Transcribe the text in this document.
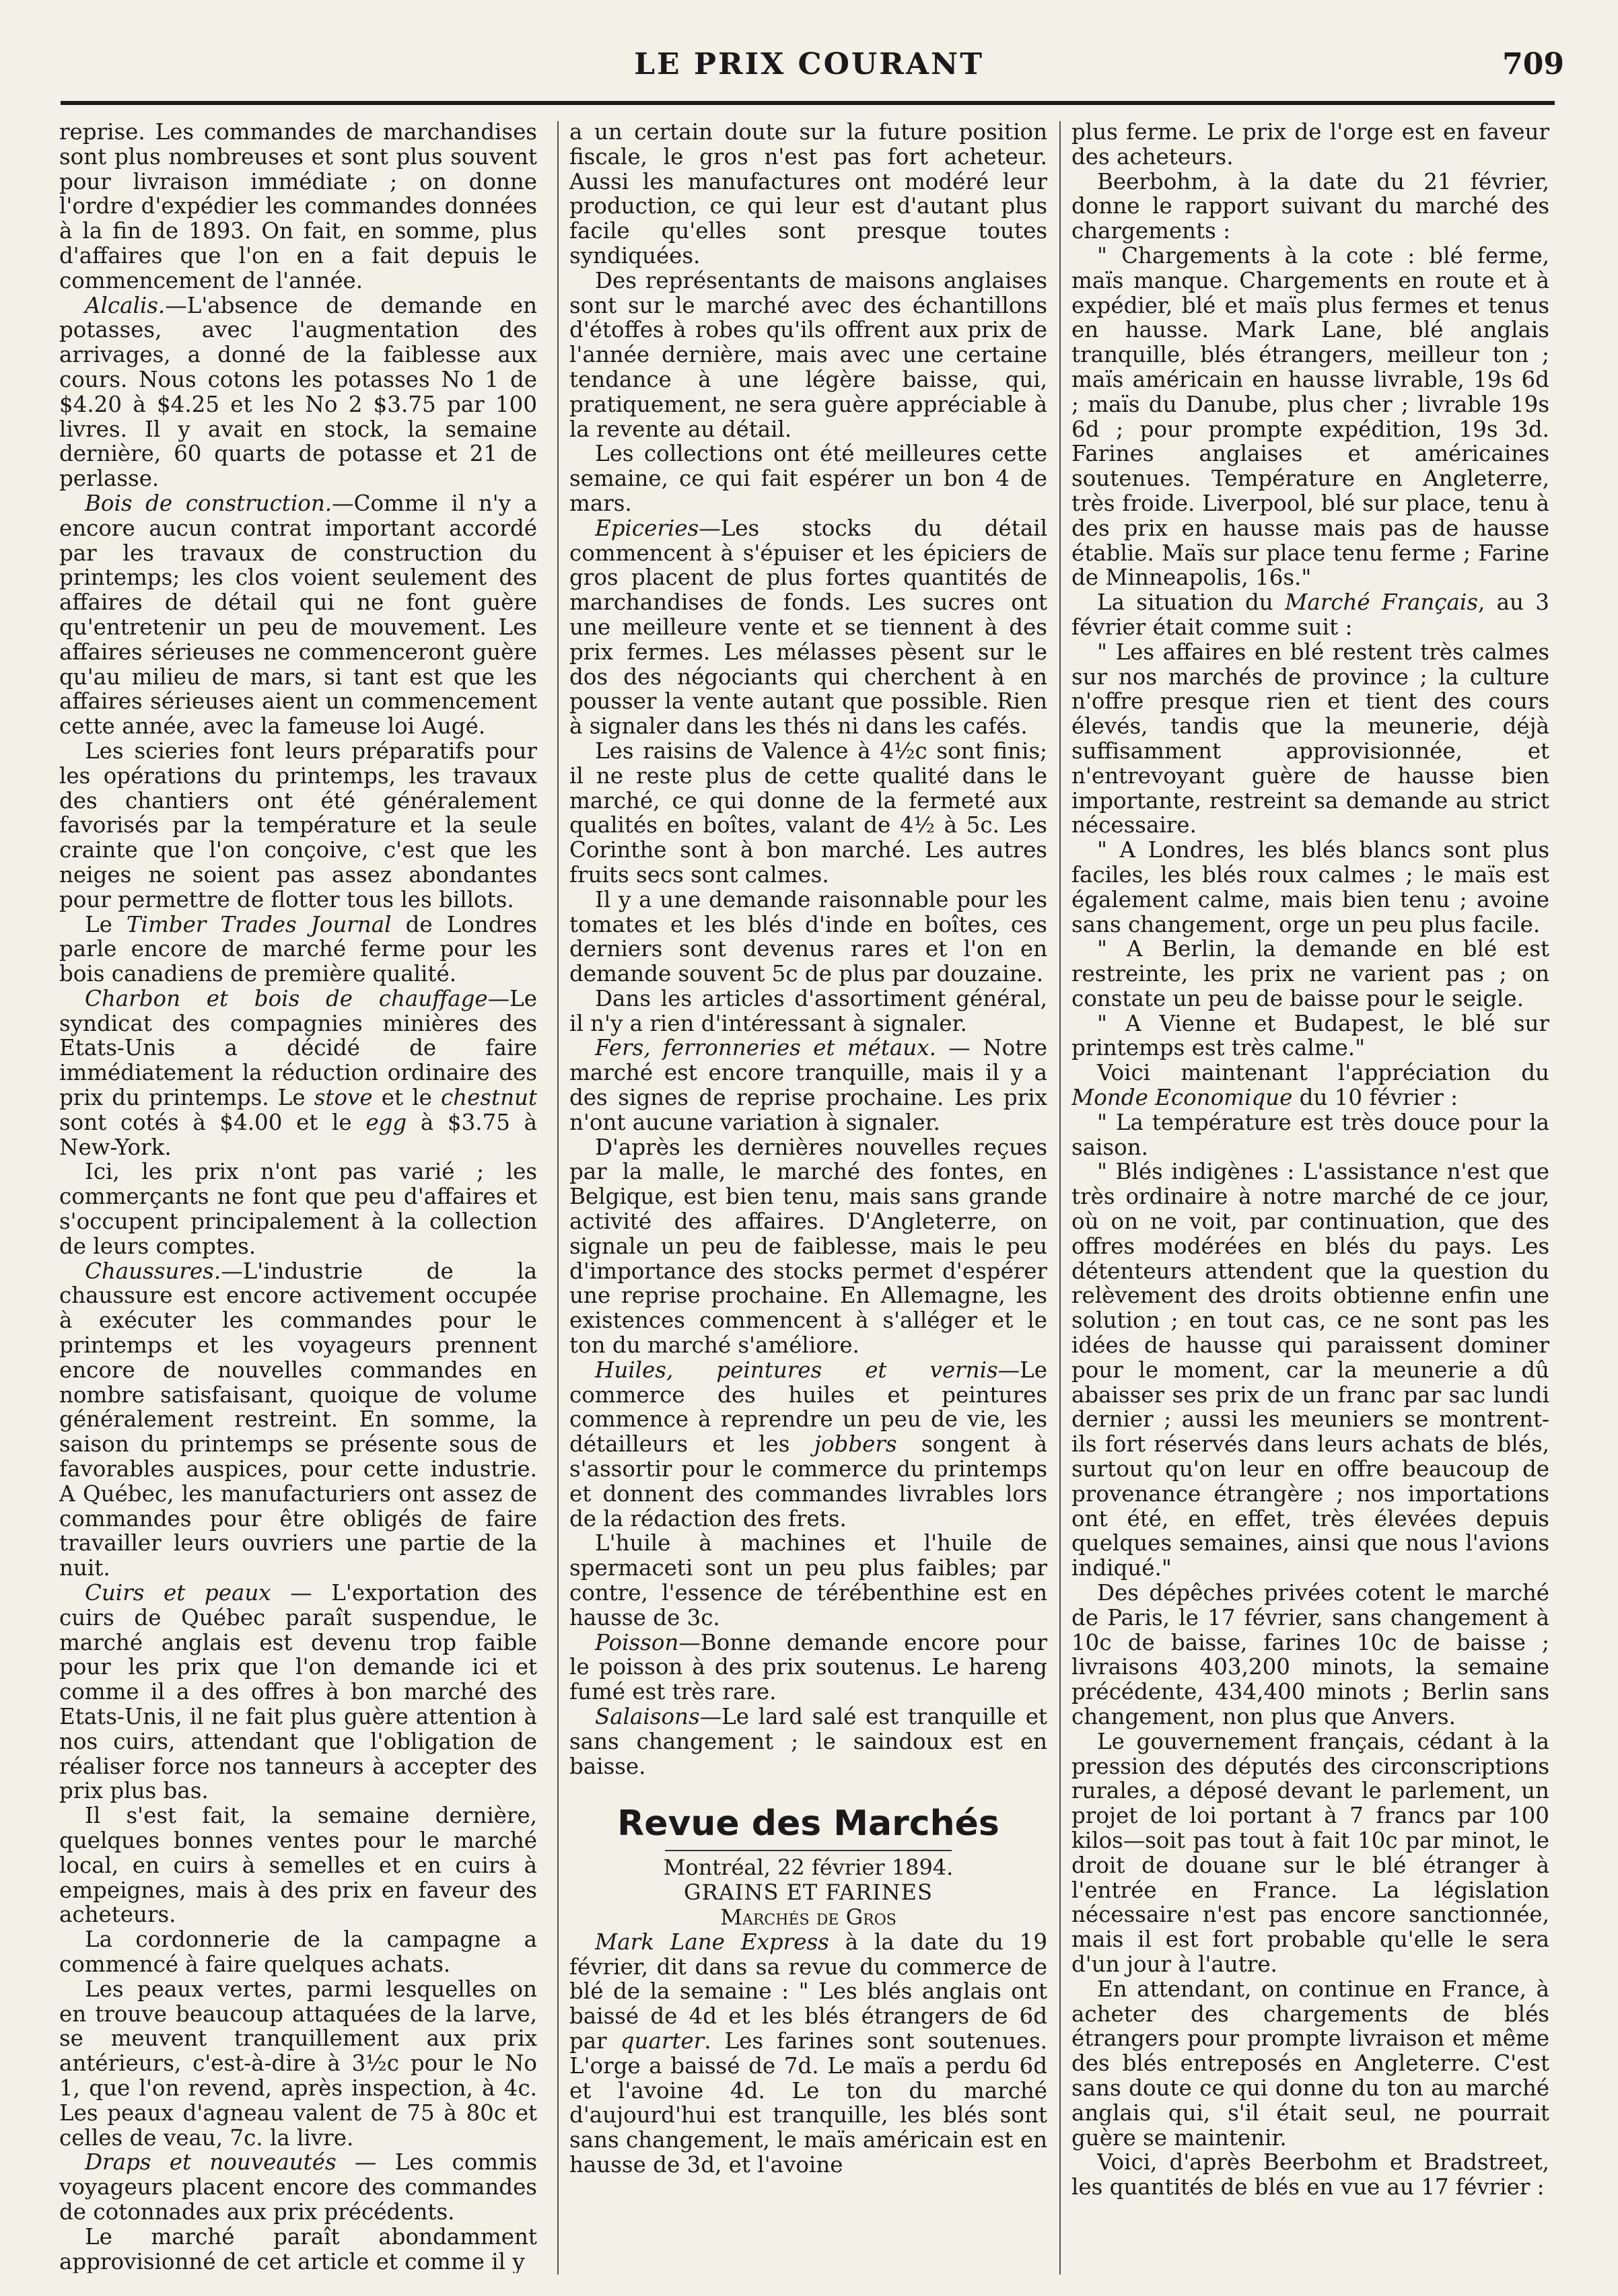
LE PRIX COURANT	709

reprise. Les commandes de marchandises sont plus nombreuses et sont plus souvent pour livraison immédiate ; on donne l'ordre d'expédier les commandes données à la fin de 1893. On fait, en somme, plus d'affaires que l'on en a fait depuis le commencement de l'année.

Alcalis.—L'absence de demande en potasses, avec l'augmentation des arrivages, a donné de la faiblesse aux cours. Nous cotons les potasses No 1 de $4.20 à $4.25 et les No 2 $3.75 par 100 livres. Il y avait en stock, la semaine dernière, 60 quarts de potasse et 21 de perlasse.

Bois de construction.—Comme il n'y a encore aucun contrat important accordé par les travaux de construction du printemps; les clos voient seulement des affaires de détail qui ne font guère qu'entretenir un peu de mouvement. Les affaires sérieuses ne commenceront guère qu'au milieu de mars, si tant est que les affaires sérieuses aient un commencement cette année, avec la fameuse loi Augé.

Les scieries font leurs préparatifs pour les opérations du printemps, les travaux des chantiers ont été généralement favorisés par la température et la seule crainte que l'on conçoive, c'est que les neiges ne soient pas assez abondantes pour permettre de flotter tous les billots.

Le Timber Trades Journal de Londres parle encore de marché ferme pour les bois canadiens de première qualité.

Charbon et bois de chauffage—Le syndicat des compagnies minières des Etats-Unis a décidé de faire immédiatement la réduction ordinaire des prix du printemps. Le stove et le chestnut sont cotés à $4.00 et le egg à $3.75 à New-York.

Ici, les prix n'ont pas varié ; les commerçants ne font que peu d'affaires et s'occupent principalement à la collection de leurs comptes.

Chaussures.—L'industrie de la chaussure est encore activement occupée à exécuter les commandes pour le printemps et les voyageurs prennent encore de nouvelles commandes en nombre satisfaisant, quoique de volume généralement restreint. En somme, la saison du printemps se présente sous de favorables auspices, pour cette industrie. A Québec, les manufacturiers ont assez de commandes pour être obligés de faire travailler leurs ouvriers une partie de la nuit.

Cuirs et peaux — L'exportation des cuirs de Québec paraît suspendue, le marché anglais est devenu trop faible pour les prix que l'on demande ici et comme il a des offres à bon marché des Etats-Unis, il ne fait plus guère attention à nos cuirs, attendant que l'obligation de réaliser force nos tanneurs à accepter des prix plus bas.

Il s'est fait, la semaine dernière, quelques bonnes ventes pour le marché local, en cuirs à semelles et en cuirs à empeignes, mais à des prix en faveur des acheteurs.

La cordonnerie de la campagne a commencé à faire quelques achats.

Les peaux vertes, parmi lesquelles on en trouve beaucoup attaquées de la larve, se meuvent tranquillement aux prix antérieurs, c'est-à-dire à 3½c pour le No 1, que l'on revend, après inspection, à 4c. Les peaux d'agneau valent de 75 à 80c et celles de veau, 7c. la livre.

Draps et nouveautés — Les commis voyageurs placent encore des commandes de cotonnades aux prix précédents.

Le marché paraît abondamment approvisionné de cet article et comme il y

a un certain doute sur la future position fiscale, le gros n'est pas fort acheteur. Aussi les manufactures ont modéré leur production, ce qui leur est d'autant plus facile qu'elles sont presque toutes syndiquées.

Des représentants de maisons anglaises sont sur le marché avec des échantillons d'étoffes à robes qu'ils offrent aux prix de l'année dernière, mais avec une certaine tendance à une légère baisse, qui, pratiquement, ne sera guère appréciable à la revente au détail.

Les collections ont été meilleures cette semaine, ce qui fait espérer un bon 4 de mars.

Epiceries—Les stocks du détail commencent à s'épuiser et les épiciers de gros placent de plus fortes quantités de marchandises de fonds. Les sucres ont une meilleure vente et se tiennent à des prix fermes. Les mélasses pèsent sur le dos des négociants qui cherchent à en pousser la vente autant que possible. Rien à signaler dans les thés ni dans les cafés.

Les raisins de Valence à 4½c sont finis; il ne reste plus de cette qualité dans le marché, ce qui donne de la fermeté aux qualités en boîtes, valant de 4½ à 5c. Les Corinthe sont à bon marché. Les autres fruits secs sont calmes.

Il y a une demande raisonnable pour les tomates et les blés d'inde en boîtes, ces derniers sont devenus rares et l'on en demande souvent 5c de plus par douzaine.

Dans les articles d'assortiment général, il n'y a rien d'intéressant à signaler.

Fers, ferronneries et métaux. — Notre marché est encore tranquille, mais il y a des signes de reprise prochaine. Les prix n'ont aucune variation à signaler.

D'après les dernières nouvelles reçues par la malle, le marché des fontes, en Belgique, est bien tenu, mais sans grande activité des affaires. D'Angleterre, on signale un peu de faiblesse, mais le peu d'importance des stocks permet d'espérer une reprise prochaine. En Allemagne, les existences commencent à s'alléger et le ton du marché s'améliore.

Huiles, peintures et vernis—Le commerce des huiles et peintures commence à reprendre un peu de vie, les détailleurs et les jobbers songent à s'assortir pour le commerce du printemps et donnent des commandes livrables lors de la rédaction des frets.

L'huile à machines et l'huile de spermaceti sont un peu plus faibles; par contre, l'essence de térébenthine est en hausse de 3c.

Poisson—Bonne demande encore pour le poisson à des prix soutenus. Le hareng fumé est très rare.

Salaisons—Le lard salé est tranquille et sans changement ; le saindoux est en baisse.

Revue des Marchés

Montréal, 22 février 1894.

GRAINS ET FARINES

Marchés de Gros

Mark Lane Express à la date du 19 février, dit dans sa revue du commerce de blé de la semaine : " Les blés anglais ont baissé de 4d et les blés étrangers de 6d par quarter. Les farines sont soutenues. L'orge a baissé de 7d. Le maïs a perdu 6d et l'avoine 4d. Le ton du marché d'aujourd'hui est tranquille, les blés sont sans changement, le maïs américain est en hausse de 3d, et l'avoine

plus ferme. Le prix de l'orge est en faveur des acheteurs.

Beerbohm, à la date du 21 février, donne le rapport suivant du marché des chargements :

" Chargements à la cote : blé ferme, maïs manque. Chargements en route et à expédier, blé et maïs plus fermes et tenus en hausse. Mark Lane, blé anglais tranquille, blés étrangers, meilleur ton ; maïs américain en hausse livrable, 19s 6d ; maïs du Danube, plus cher ; livrable 19s 6d ; pour prompte expédition, 19s 3d. Farines anglaises et américaines soutenues. Température en Angleterre, très froide. Liverpool, blé sur place, tenu à des prix en hausse mais pas de hausse établie. Maïs sur place tenu ferme ; Farine de Minneapolis, 16s."

La situation du Marché Français, au 3 février était comme suit :

" Les affaires en blé restent très calmes sur nos marchés de province ; la culture n'offre presque rien et tient des cours élevés, tandis que la meunerie, déjà suffisamment approvisionnée, et n'entrevoyant guère de hausse bien importante, restreint sa demande au strict nécessaire.

" A Londres, les blés blancs sont plus faciles, les blés roux calmes ; le maïs est également calme, mais bien tenu ; avoine sans changement, orge un peu plus facile.

" A Berlin, la demande en blé est restreinte, les prix ne varient pas ; on constate un peu de baisse pour le seigle.

" A Vienne et Budapest, le blé sur printemps est très calme."

Voici maintenant l'appréciation du Monde Economique du 10 février :

" La température est très douce pour la saison.

" Blés indigènes : L'assistance n'est que très ordinaire à notre marché de ce jour, où on ne voit, par continuation, que des offres modérées en blés du pays. Les détenteurs attendent que la question du relèvement des droits obtienne enfin une solution ; en tout cas, ce ne sont pas les idées de hausse qui paraissent dominer pour le moment, car la meunerie a dû abaisser ses prix de un franc par sac lundi dernier ; aussi les meuniers se montrent-ils fort réservés dans leurs achats de blés, surtout qu'on leur en offre beaucoup de provenance étrangère ; nos importations ont été, en effet, très élevées depuis quelques semaines, ainsi que nous l'avions indiqué."

Des dépêches privées cotent le marché de Paris, le 17 février, sans changement à 10c de baisse, farines 10c de baisse ; livraisons 403,200 minots, la semaine précédente, 434,400 minots ; Berlin sans changement, non plus que Anvers.

Le gouvernement français, cédant à la pression des députés des circonscriptions rurales, a déposé devant le parlement, un projet de loi portant à 7 francs par 100 kilos—soit pas tout à fait 10c par minot, le droit de douane sur le blé étranger à l'entrée en France. La législation nécessaire n'est pas encore sanctionnée, mais il est fort probable qu'elle le sera d'un jour à l'autre.

En attendant, on continue en France, à acheter des chargements de blés étrangers pour prompte livraison et même des blés entreposés en Angleterre. C'est sans doute ce qui donne du ton au marché anglais qui, s'il était seul, ne pourrait guère se maintenir.

Voici, d'après Beerbohm et Bradstreet, les quantités de blés en vue au 17 février :
